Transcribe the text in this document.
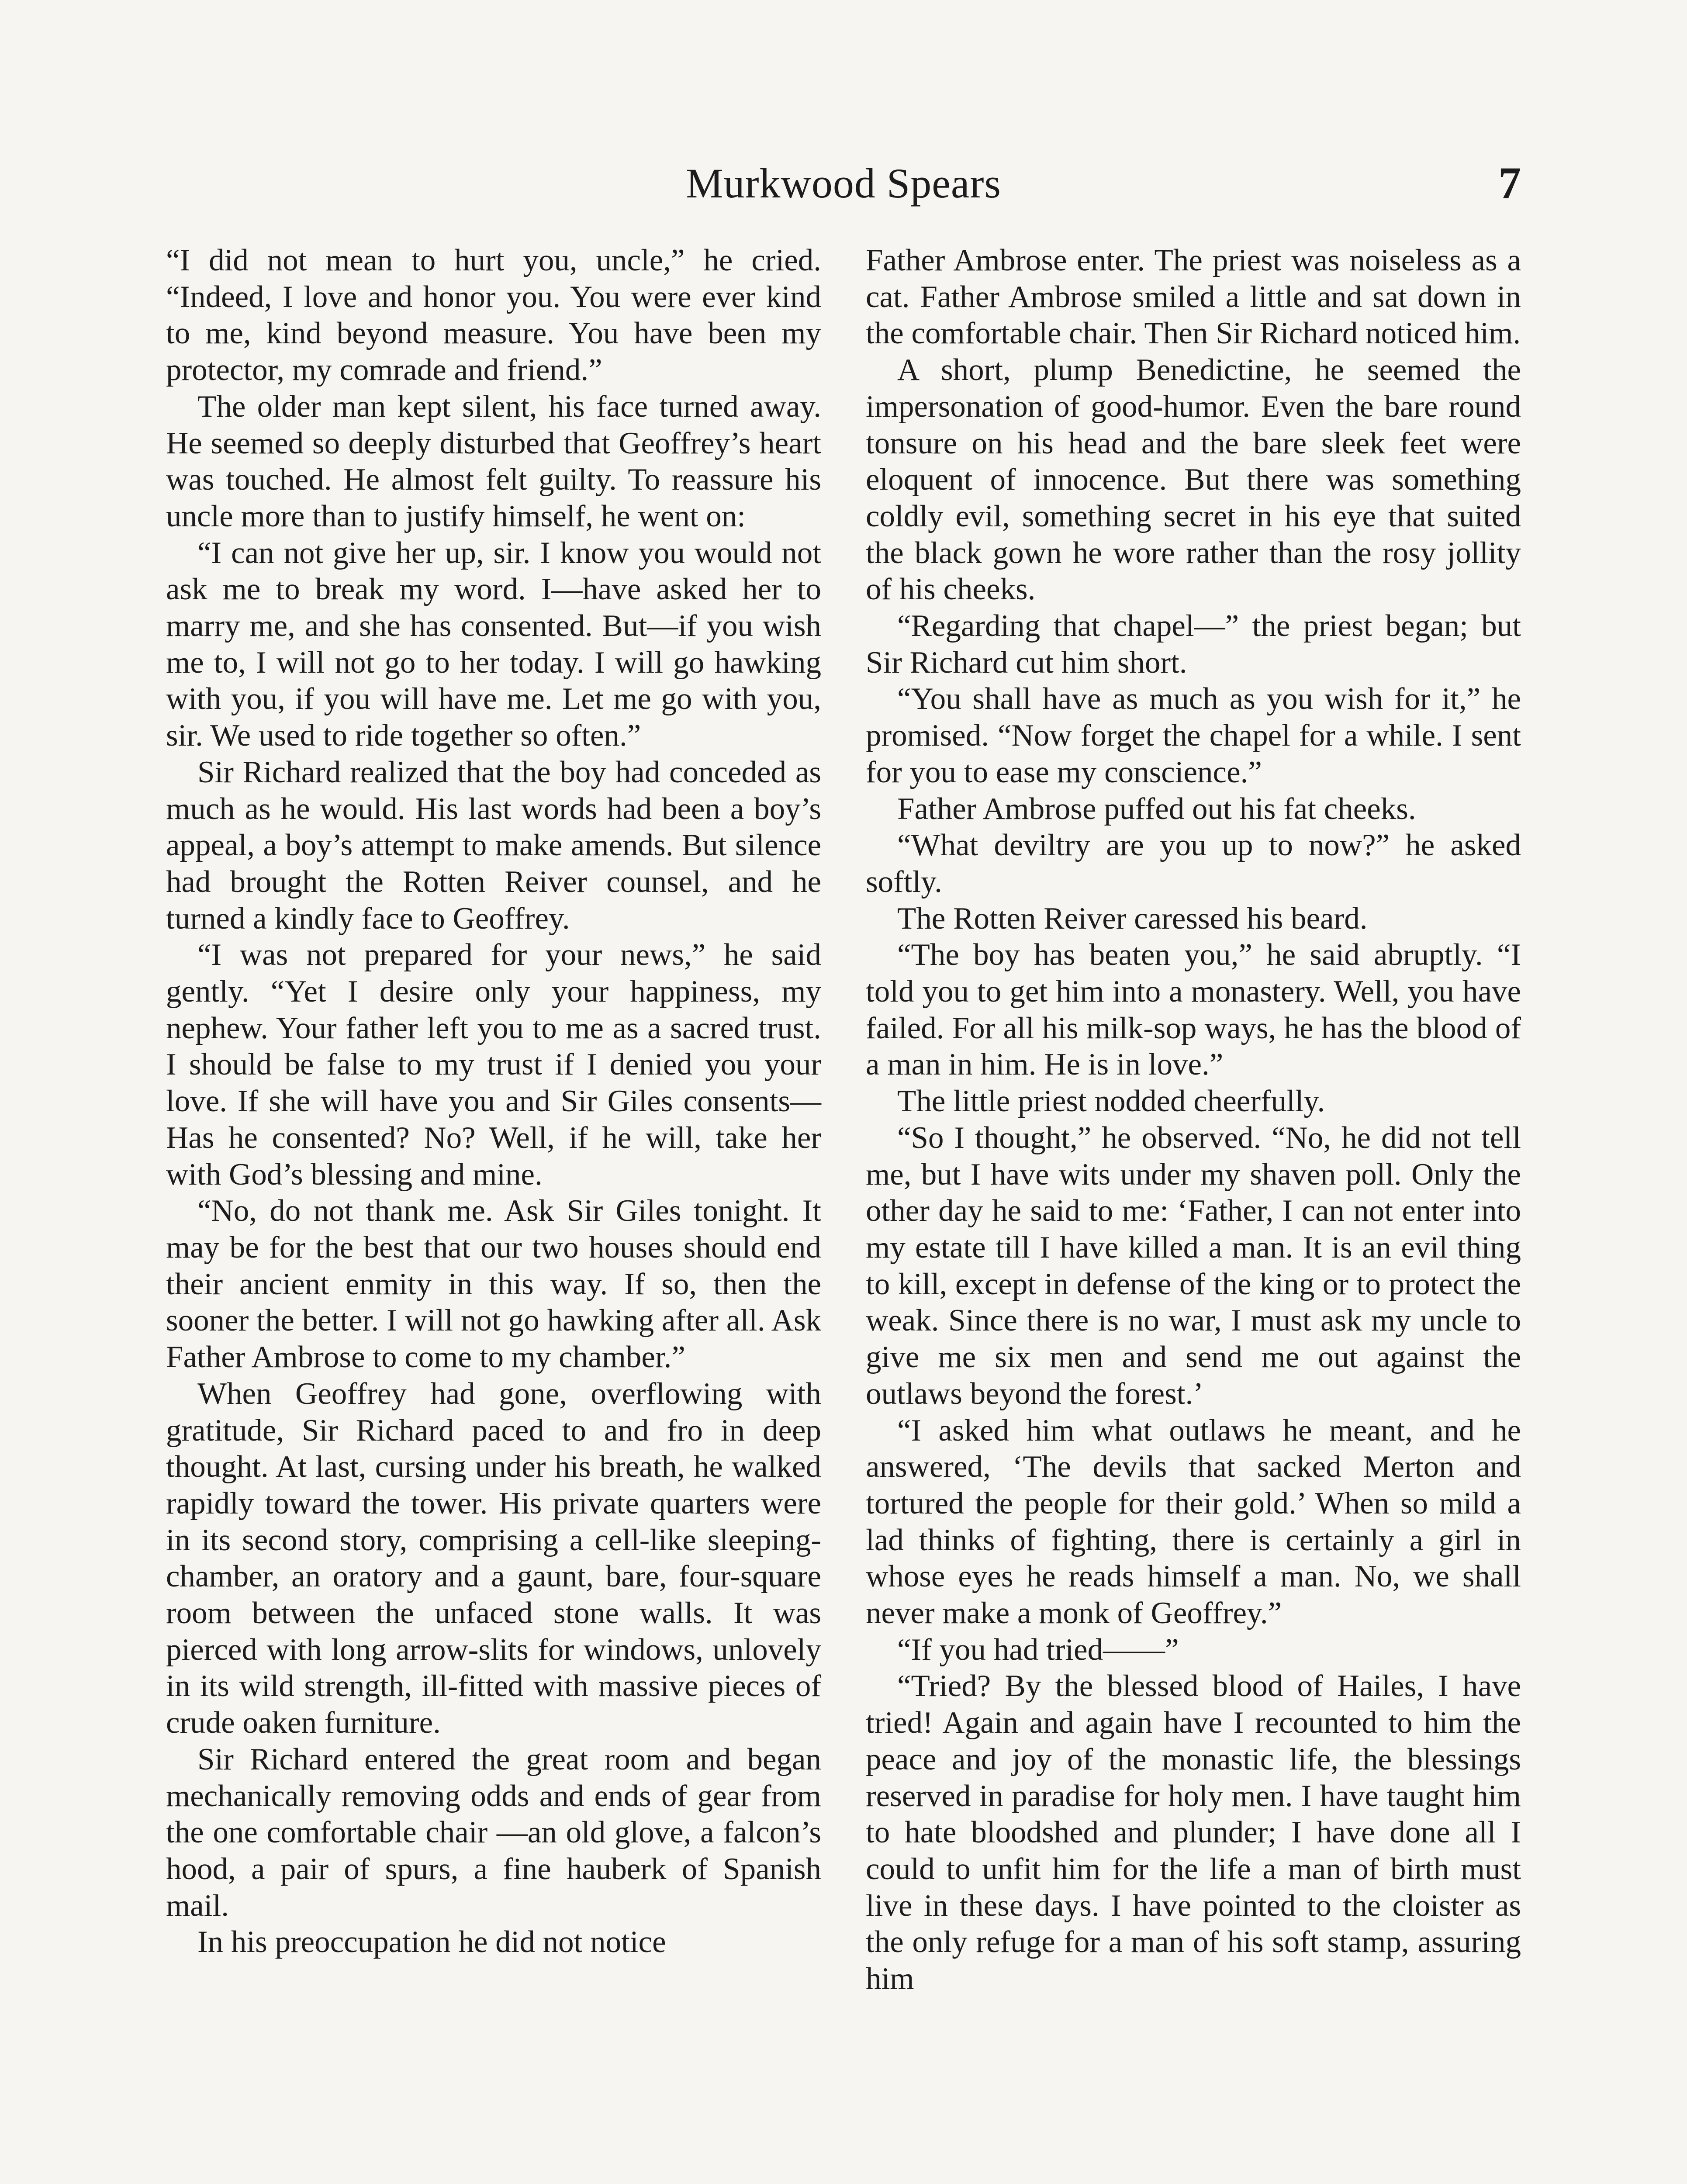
Murkwood Spears	7

“I did not mean to hurt you, uncle,” he cried. “Indeed, I love and honor you. You were ever kind to me, kind beyond measure. You have been my protector, my comrade and friend.”

The older man kept silent, his face turned away. He seemed so deeply disturbed that Geoffrey’s heart was touched. He almost felt guilty. To reassure his uncle more than to justify himself, he went on:

“I can not give her up, sir. I know you would not ask me to break my word. I—have asked her to marry me, and she has consented. But—if you wish me to, I will not go to her today. I will go hawking with you, if you will have me. Let me go with you, sir. We used to ride together so often.”

Sir Richard realized that the boy had conceded as much as he would. His last words had been a boy’s appeal, a boy’s attempt to make amends. But silence had brought the Rotten Reiver counsel, and he turned a kindly face to Geoffrey.

“I was not prepared for your news,” he said gently. “Yet I desire only your happiness, my nephew. Your father left you to me as a sacred trust. I should be false to my trust if I denied you your love. If she will have you and Sir Giles consents—Has he consented? No? Well, if he will, take her with God’s blessing and mine.

“No, do not thank me. Ask Sir Giles tonight. It may be for the best that our two houses should end their ancient enmity in this way. If so, then the sooner the better. I will not go hawking after all. Ask Father Ambrose to come to my chamber.”

When Geoffrey had gone, overflowing with gratitude, Sir Richard paced to and fro in deep thought. At last, cursing under his breath, he walked rapidly toward the tower. His private quarters were in its second story, comprising a cell-like sleeping-chamber, an oratory and a gaunt, bare, four-square room between the unfaced stone walls. It was pierced with long arrow-slits for windows, unlovely in its wild strength, ill-fitted with massive pieces of crude oaken furniture.

Sir Richard entered the great room and began mechanically removing odds and ends of gear from the one comfortable chair —an old glove, a falcon’s hood, a pair of spurs, a fine hauberk of Spanish mail.

In his preoccupation he did not notice

Father Ambrose enter. The priest was noiseless as a cat. Father Ambrose smiled a little and sat down in the comfortable chair. Then Sir Richard noticed him.

A short, plump Benedictine, he seemed the impersonation of good-humor. Even the bare round tonsure on his head and the bare sleek feet were eloquent of innocence. But there was something coldly evil, something secret in his eye that suited the black gown he wore rather than the rosy jollity of his cheeks.

“Regarding that chapel—” the priest began; but Sir Richard cut him short.

“You shall have as much as you wish for it,” he promised. “Now forget the chapel for a while. I sent for you to ease my conscience.”

Father Ambrose puffed out his fat cheeks.

“What deviltry are you up to now?” he asked softly.

The Rotten Reiver caressed his beard.

“The boy has beaten you,” he said abruptly. “I told you to get him into a monastery. Well, you have failed. For all his milk-sop ways, he has the blood of a man in him. He is in love.”

The little priest nodded cheerfully.

“So I thought,” he observed. “No, he did not tell me, but I have wits under my shaven poll. Only the other day he said to me: ‘Father, I can not enter into my estate till I have killed a man. It is an evil thing to kill, except in defense of the king or to protect the weak. Since there is no war, I must ask my uncle to give me six men and send me out against the outlaws beyond the forest.’

“I asked him what outlaws he meant, and he answered, ‘The devils that sacked Merton and tortured the people for their gold.’ When so mild a lad thinks of fighting, there is certainly a girl in whose eyes he reads himself a man. No, we shall never make a monk of Geoffrey.”

“If you had tried——”

“Tried? By the blessed blood of Hailes, I have tried! Again and again have I recounted to him the peace and joy of the monastic life, the blessings reserved in paradise for holy men. I have taught him to hate bloodshed and plunder; I have done all I could to unfit him for the life a man of birth must live in these days. I have pointed to the cloister as the only refuge for a man of his soft stamp, assuring him
